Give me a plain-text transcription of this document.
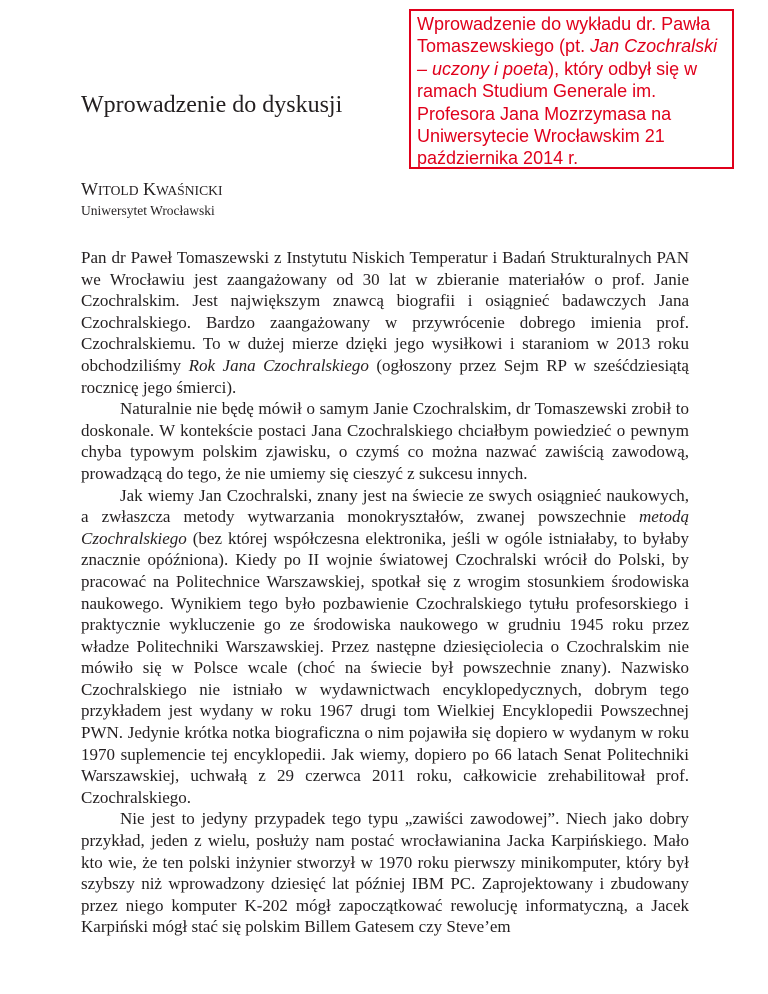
Wprowadzenie do wykładu dr. Pawła Tomaszewskiego (pt. Jan Czochralski – uczony i poeta), który odbył się w ramach Studium Generale im. Profesora Jana Mozrzymasa na Uniwersytecie Wrocławskim 21 października 2014 r.
Wprowadzenie do dyskusji
WITOLD KWAŚNICKI
Uniwersytet Wrocławski

Pan dr Paweł Tomaszewski z Instytutu Niskich Temperatur i Badań Strukturalnych PAN we Wrocławiu jest zaangażowany od 30 lat w zbieranie materiałów o prof. Janie Czochralskim. Jest największym znawcą biografii i osiągnieć badawczych Jana Czochralskiego. Bardzo zaangażowany w przywrócenie dobrego imienia prof. Czochralskiemu. To w dużej mierze dzięki jego wysiłkowi i staraniom w 2013 roku obchodziliśmy Rok Jana Czochralskiego (ogłoszony przez Sejm RP w sześćdziesiątą rocznicę jego śmierci).

Naturalnie nie będę mówił o samym Janie Czochralskim, dr Tomaszewski zrobił to doskonale. W kontekście postaci Jana Czochralskiego chciałbym powiedzieć o pewnym chyba typowym polskim zjawisku, o czymś co można nazwać zawiścią zawodową, prowadzącą do tego, że nie umiemy się cieszyć z sukcesu innych.

Jak wiemy Jan Czochralski, znany jest na świecie ze swych osiągnieć naukowych, a zwłaszcza metody wytwarzania monokryształów, zwanej powszechnie metodą Czochralskiego (bez której współczesna elektronika, jeśli w ogóle istniałaby, to byłaby znacznie opóźniona). Kiedy po II wojnie światowej Czochralski wrócił do Polski, by pracować na Politechnice Warszawskiej, spotkał się z wrogim stosunkiem środowiska naukowego. Wynikiem tego było pozbawienie Czochralskiego tytułu profesorskiego i praktycznie wykluczenie go ze środowiska naukowego w grudniu 1945 roku przez władze Politechniki Warszawskiej. Przez następne dziesięciolecia o Czochralskim nie mówiło się w Polsce wcale (choć na świecie był powszechnie znany). Nazwisko Czochralskiego nie istniało w wydawnictwach encyklopedycznych, dobrym tego przykładem jest wydany w roku 1967 drugi tom Wielkiej Encyklopedii Powszechnej PWN. Jedynie krótka notka biograficzna o nim pojawiła się dopiero w wydanym w roku 1970 suplemencie tej encyklopedii. Jak wiemy, dopiero po 66 latach Senat Politechniki Warszawskiej, uchwałą z 29 czerwca 2011 roku, całkowicie zrehabilitował prof. Czochralskiego.

Nie jest to jedyny przypadek tego typu „zawiści zawodowej”. Niech jako dobry przykład, jeden z wielu, posłuży nam postać wrocławianina Jacka Karpińskiego. Mało kto wie, że ten polski inżynier stworzył w 1970 roku pierwszy minikomputer, który był szybszy niż wprowadzony dziesięć lat później IBM PC. Zaprojektowany i zbudowany przez niego komputer K-202 mógł zapoczątkować rewolucję informatyczną, a Jacek Karpiński mógł stać się polskim Billem Gatesem czy Steve’em
